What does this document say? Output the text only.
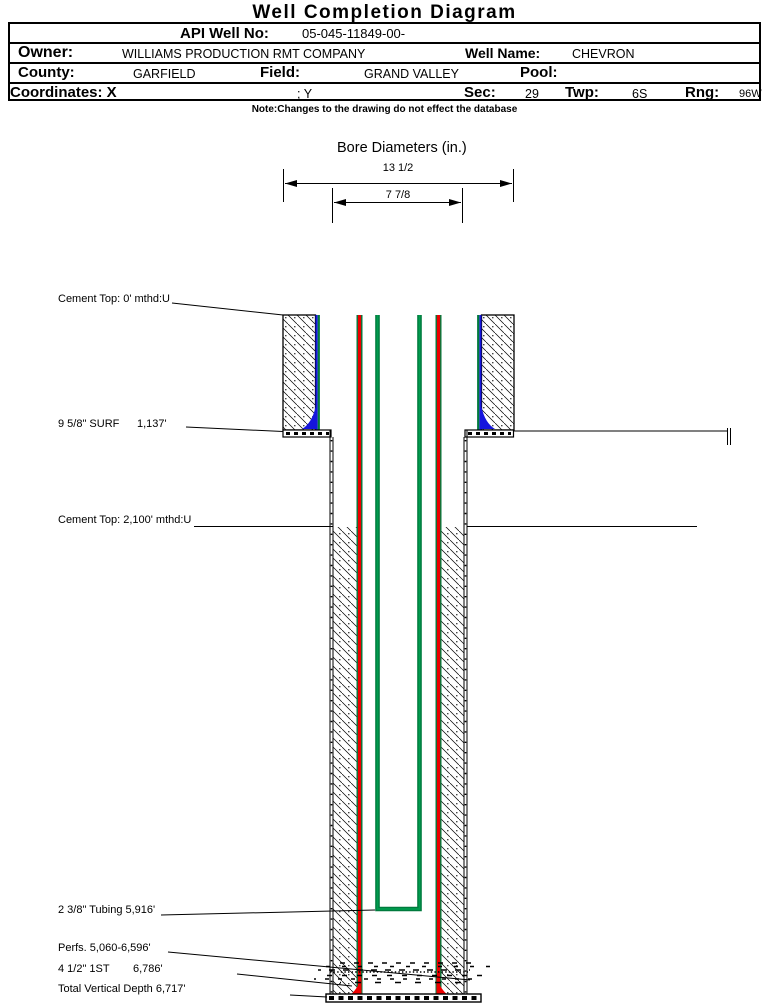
Well Completion Diagram
API Well No:	05-045-11849-00-
Owner:	WILLIAMS PRODUCTION RMT COMPANY	Well Name:	CHEVRON
County:	GARFIELD	Field:	GRAND VALLEY	Pool:
Coordinates: X	; Y	Sec: 29 Twp:	6S	Rng: 96W
Note:Changes to the drawing do not effect the database
Bore Diameters (in.)
13 1/2
7 7/8
Cement Top: 0' mthd:U
9 5/8" SURF 1,137'
Cement Top: 2,100' mthd:U
2 3/8" Tubing 5,916'
Perfs. 5,060-6,596'
4 1/2" 1ST 6,786'
Total Vertical Depth 6,717'
